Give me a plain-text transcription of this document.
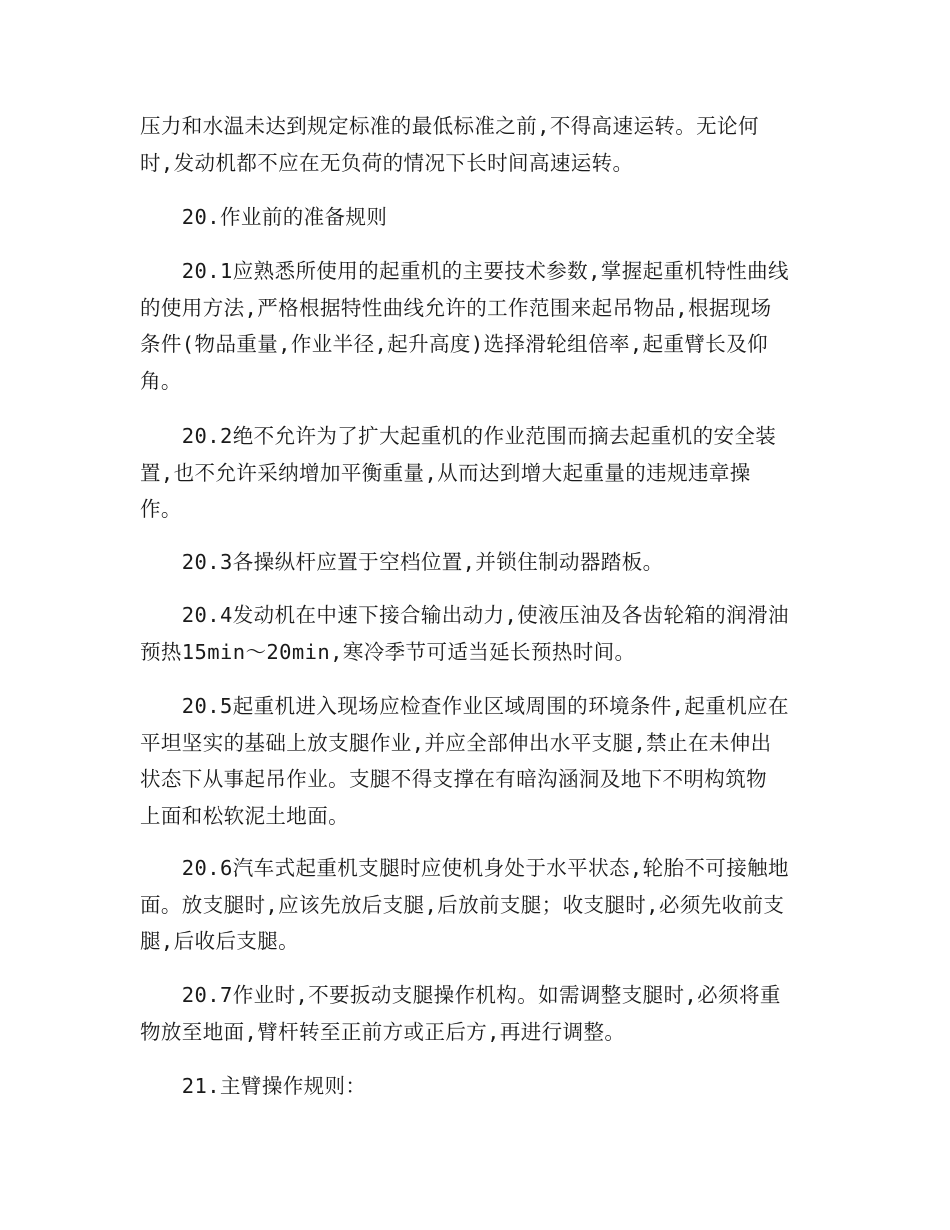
压力和水温未达到规定标准的最低标准之前,不得高速运转。无论何
时,发动机都不应在无负荷的情况下长时间高速运转。

　　20.作业前的准备规则

　　20.1应熟悉所使用的起重机的主要技术参数,掌握起重机特性曲线
的使用方法,严格根据特性曲线允许的工作范围来起吊物品,根据现场
条件(物品重量,作业半径,起升高度)选择滑轮组倍率,起重臂长及仰
角。

　　20.2绝不允许为了扩大起重机的作业范围而摘去起重机的安全装
置,也不允许采纳增加平衡重量,从而达到增大起重量的违规违章操
作。

　　20.3各操纵杆应置于空档位置,并锁住制动器踏板。

　　20.4发动机在中速下接合输出动力,使液压油及各齿轮箱的润滑油
预热15min～20min,寒冷季节可适当延长预热时间。

　　20.5起重机进入现场应检查作业区域周围的环境条件,起重机应在
平坦坚实的基础上放支腿作业,并应全部伸出水平支腿,禁止在未伸出
状态下从事起吊作业。支腿不得支撑在有暗沟涵洞及地下不明构筑物
上面和松软泥土地面。

　　20.6汽车式起重机支腿时应使机身处于水平状态,轮胎不可接触地
面。放支腿时,应该先放后支腿,后放前支腿；收支腿时,必须先收前支
腿,后收后支腿。

　　20.7作业时,不要扳动支腿操作机构。如需调整支腿时,必须将重
物放至地面,臂杆转至正前方或正后方,再进行调整。

　　21.主臂操作规则：
